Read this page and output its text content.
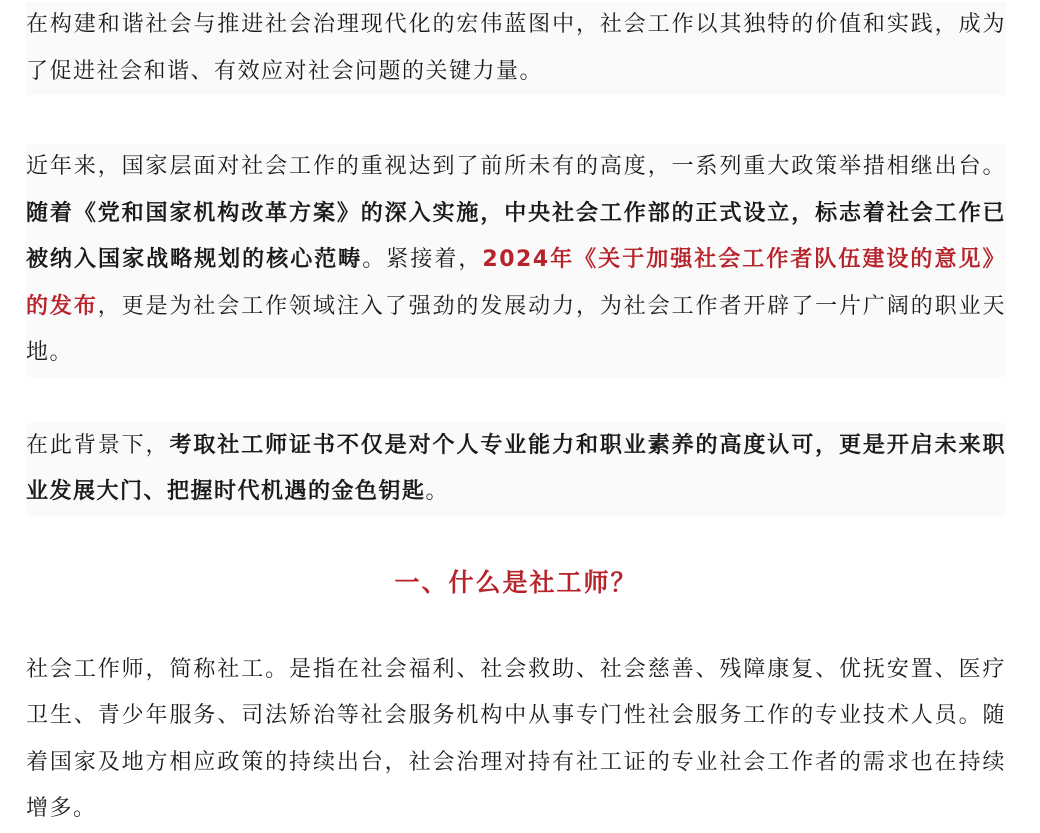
在构建和谐社会与推进社会治理现代化的宏伟蓝图中，社会工作以其独特的价值和实践，成为了促进社会和谐、有效应对社会问题的关键力量。

近年来，国家层面对社会工作的重视达到了前所未有的高度，一系列重大政策举措相继出台。随着《党和国家机构改革方案》的深入实施，中央社会工作部的正式设立，标志着社会工作已被纳入国家战略规划的核心范畴。紧接着，2024年《关于加强社会工作者队伍建设的意见》的发布，更是为社会工作领域注入了强劲的发展动力，为社会工作者开辟了一片广阔的职业天地。

在此背景下，考取社工师证书不仅是对个人专业能力和职业素养的高度认可，更是开启未来职业发展大门、把握时代机遇的金色钥匙。

一、什么是社工师？

社会工作师，简称社工。是指在社会福利、社会救助、社会慈善、残障康复、优抚安置、医疗卫生、青少年服务、司法矫治等社会服务机构中从事专门性社会服务工作的专业技术人员。随着国家及地方相应政策的持续出台，社会治理对持有社工证的专业社会工作者的需求也在持续增多。
